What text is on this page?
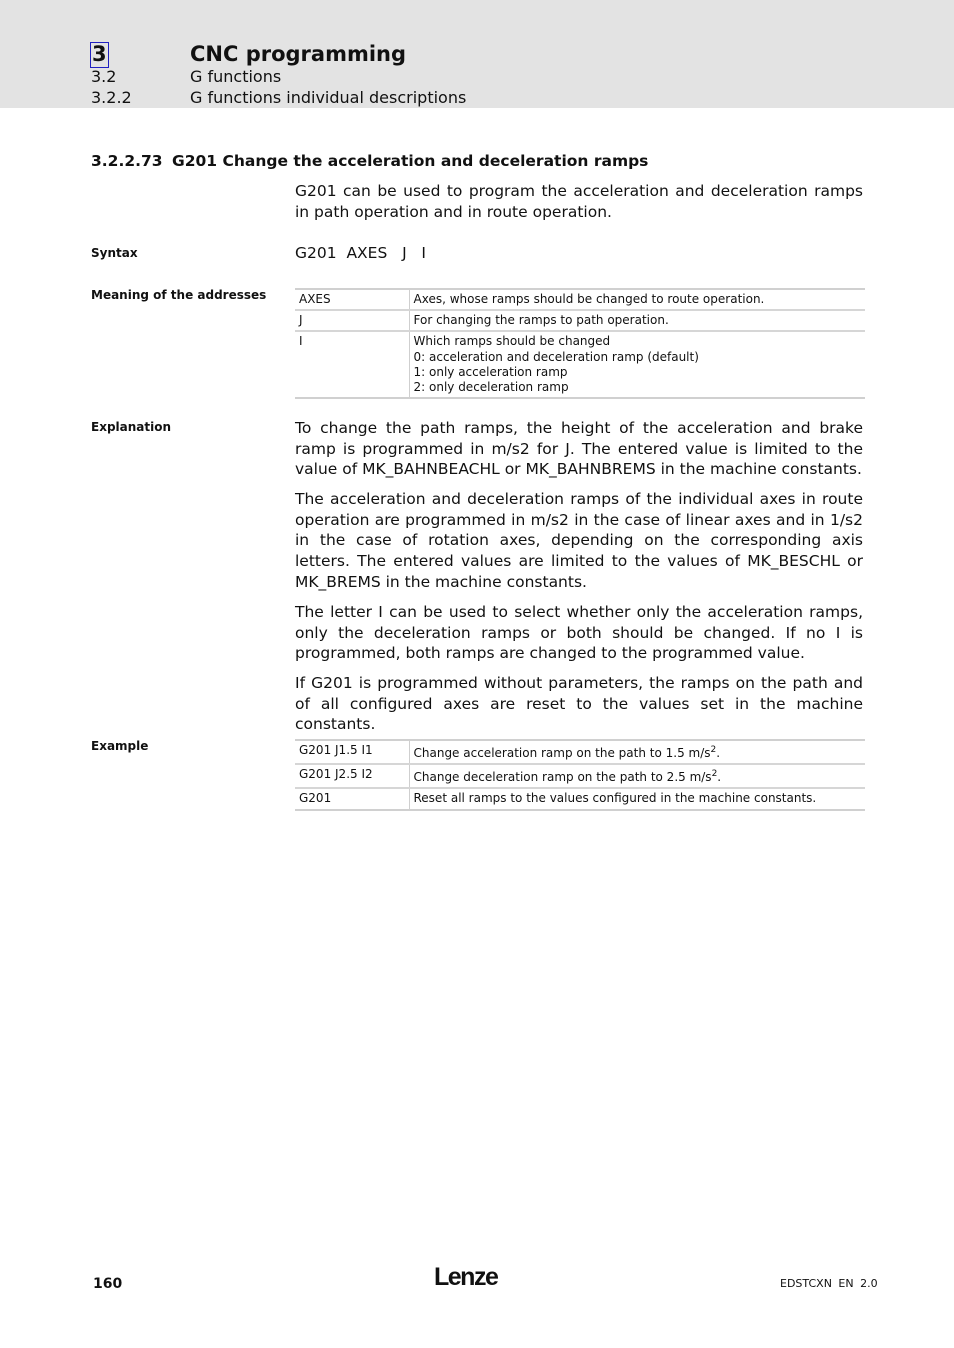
3	CNC programming
3.2	G functions
3.2.2	G functions individual descriptions
3.2.2.73 G201 Change the acceleration and deceleration ramps
G201 can be used to program the acceleration and deceleration ramps in path operation and in route operation.
Syntax	G201  AXES   J   I
Meaning of the addresses	AXES	Axes, whose ramps should be changed to route operation.
J	For changing the ramps to path operation.
I	Which ramps should be changed
0: acceleration and deceleration ramp (default)
1: only acceleration ramp
2: only deceleration ramp
Explanation	To change the path ramps, the height of the acceleration and brake ramp is programmed in m/s2 for J. The entered value is limited to the value of MK_BAHNBEACHL or MK_BAHNBREMS in the machine constants.
The acceleration and deceleration ramps of the individual axes in route operation are programmed in m/s2 in the case of linear axes and in 1/s2 in the case of rotation axes, depending on the corresponding axis letters. The entered values are limited to the values of MK_BESCHL or MK_BREMS in the machine constants.
The letter I can be used to select whether only the acceleration ramps, only the deceleration ramps or both should be changed. If no I is programmed, both ramps are changed to the programmed value.
If G201 is programmed without parameters, the ramps on the path and of all configured axes are reset to the values set in the machine constants.
Example	G201 J1.5 I1	Change acceleration ramp on the path to 1.5 $m/s^2$.
G201 J2.5 I2	Change deceleration ramp on the path to 2.5 $m/s^2$.
G201	Reset all ramps to the values configured in the machine constants.
160	Lenze	EDSTCXN EN 2.0
